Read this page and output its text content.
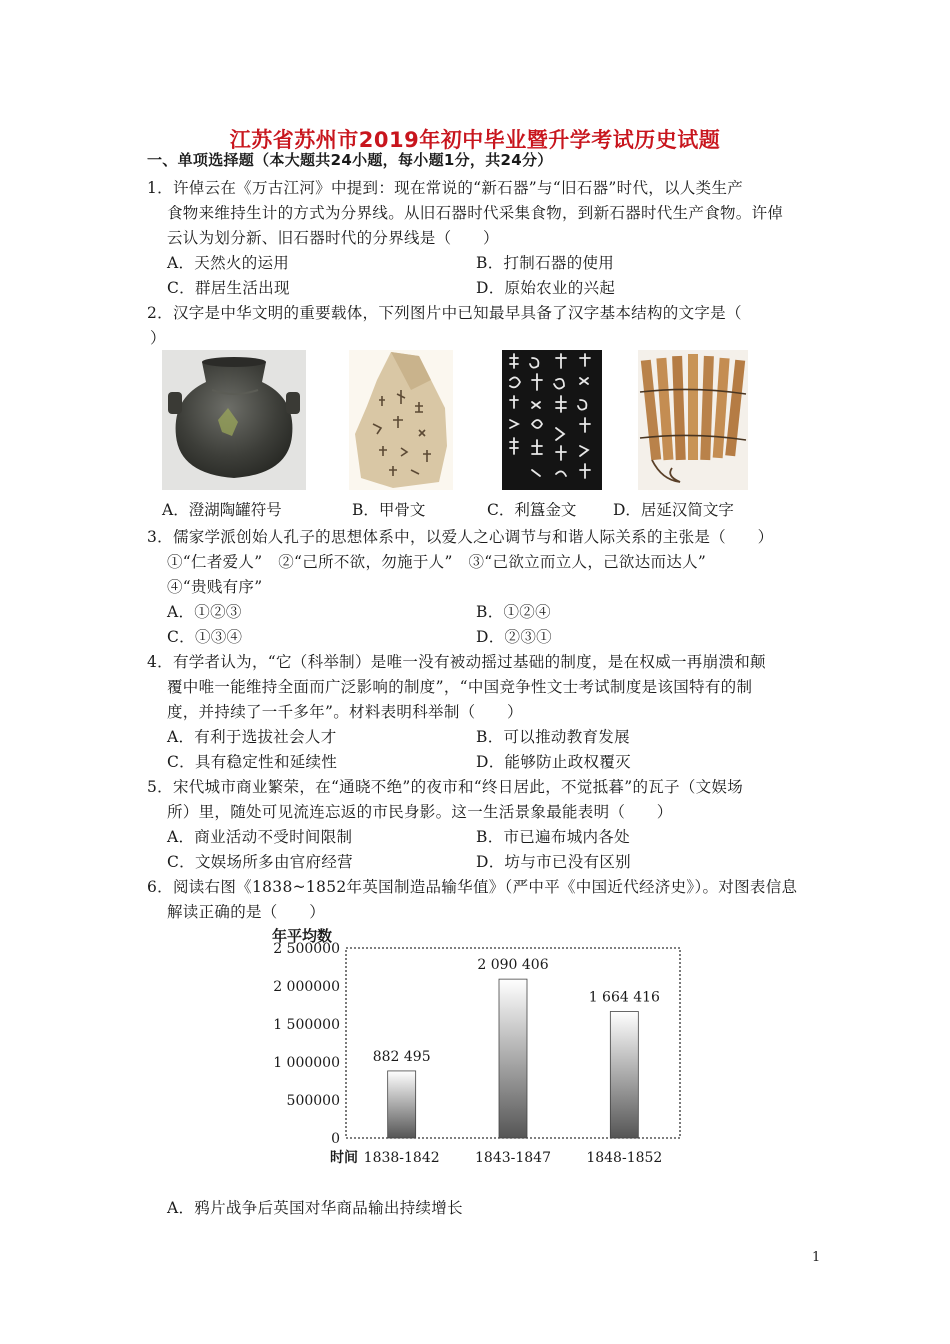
江苏省苏州市2019年初中毕业暨升学考试历史试题
一、单项选择题（本大题共24小题，每小题1分，共24分）
1．许倬云在《万古江河》中提到：现在常说的“新石器”与“旧石器”时代，以人类生产
食物来维持生计的方式为分界线。从旧石器时代采集食物，到新石器时代生产食物。许倬
云认为划分新、旧石器时代的分界线是（　　）
A．天然火的运用	B．打制石器的使用
C．群居生活出现	D．原始农业的兴起
2．汉字是中华文明的重要载体，下列图片中已知最早具备了汉字基本结构的文字是（
）
A．澄湖陶罐符号	B．甲骨文	C．利簋金文 D．居延汉简文字
3．儒家学派创始人孔子的思想体系中，以爱人之心调节与和谐人际关系的主张是（　　）
①“仁者爱人”　②“己所不欲，勿施于人”　③“己欲立而立人，己欲达而达人”
④“贵贱有序”
A．①②③	B．①②④
C．①③④	D．②③①
4．有学者认为，“它（科举制）是唯一没有被动摇过基础的制度，是在权威一再崩溃和颠
覆中唯一能维持全面而广泛影响的制度”，“中国竞争性文士考试制度是该国特有的制
度，并持续了一千多年”。材料表明科举制（　　）
A．有利于选拔社会人才	B．可以推动教育发展
C．具有稳定性和延续性	D．能够防止政权覆灭
5．宋代城市商业繁荣，在“通晓不绝”的夜市和“终日居此，不觉抵暮”的瓦子（文娱场
所）里，随处可见流连忘返的市民身影。这一生活景象最能表明（　　）
A．商业活动不受时间限制	B．市已遍布城内各处
C．文娱场所多由官府经营	D．坊与市已没有区别
6．阅读右图《1838~1852年英国制造品输华值》（严中平《中国近代经济史》）。对图表信息
解读正确的是（　　）
年平均数
0
500000
1 000000
1 500000
2 000000
2 500000
882 495
2 090 406
1 664 416
1838-1842	1843-1847	1848-1852
时间
A．鸦片战争后英国对华商品输出持续增长
1
